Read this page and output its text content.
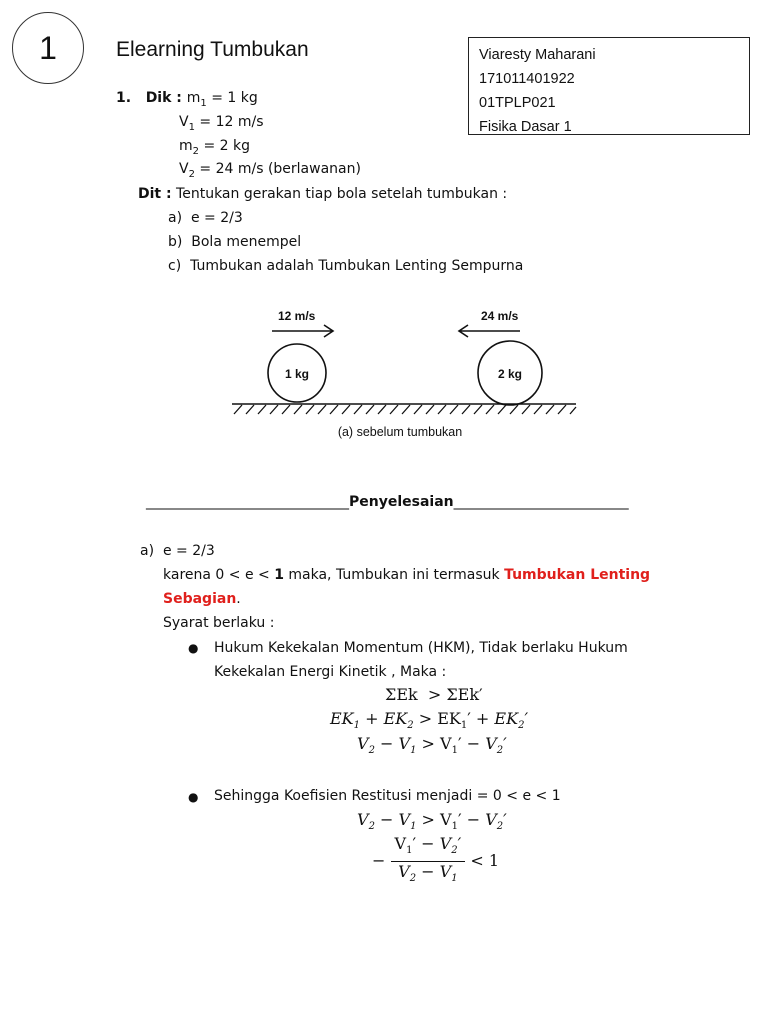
1	Elearning Tumbukan	Viaresty Maharani
171011401922
01TPLP021
Fisika Dasar 1
1. Dik : $m_1 = 1$ kg
$V_1 = 12$ m/s
$m_2 = 2$ kg
$V_2 = 24$ m/s (berlawanan)
Dit : Tentukan gerakan tiap bola setelah tumbukan :
a) e = 2/3
b) Bola menempel
c) Tumbukan adalah Tumbukan Lenting Sempurna
12 m/s	24 m/s
1 kg	2 kg
(a) sebelum tumbukan
_____________________________Penyelesaian_________________________
a) e = 2/3
karena 0 < e < 1 maka, Tumbukan ini termasuk Tumbukan Lenting
Sebagian.
Syarat berlaku :
● Hukum Kekekalan Momentum (HKM), Tidak berlaku Hukum
Kekekalan Energi Kinetik , Maka :
ΣEk  > ΣEk′
$EK_1 + EK_2 > EK_1' + EK_2'$
$V_2 - V_1 > V_1' - V_2'$
● Sehingga Koefisien Restitusi menjadi = 0 < e < 1
$V_2 - V_1 > V_1' - V_2'$
− $\frac{V_1' - V_2'}{V_2 - V_1} < 1$
